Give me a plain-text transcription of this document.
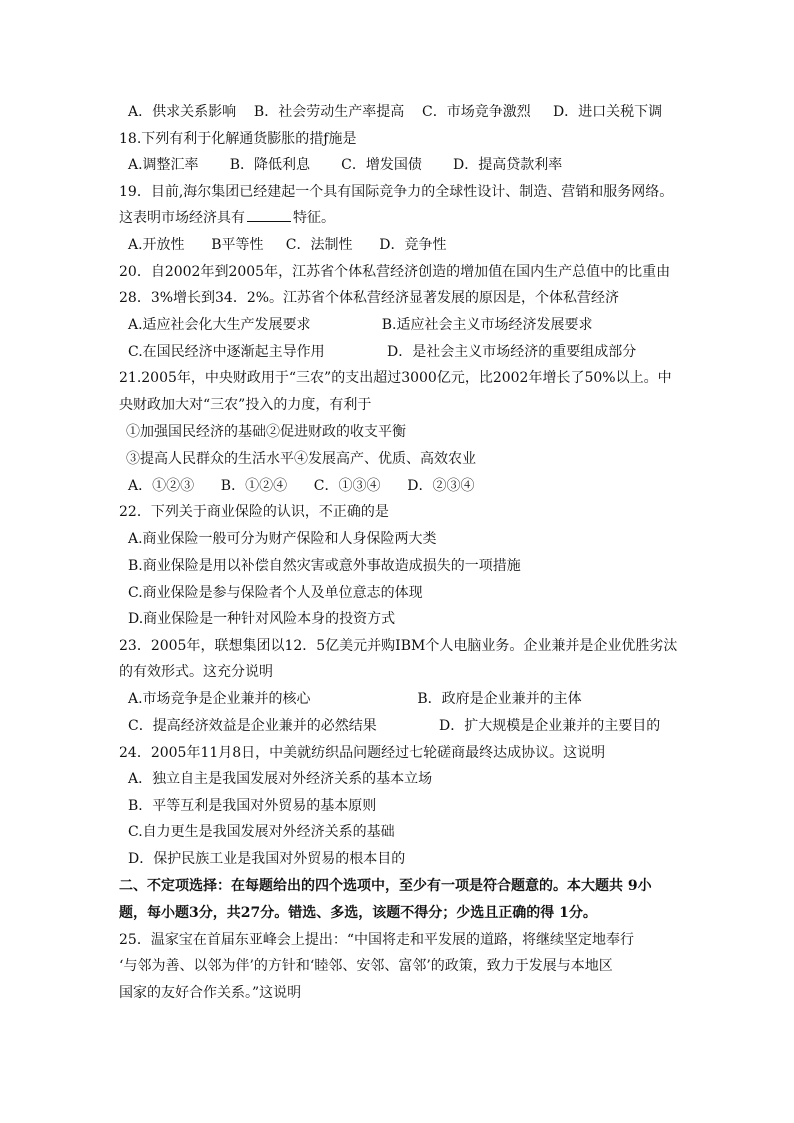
A．供求关系影响    B．社会劳动生产率提高    C．市场竞争激烈     D．进口关税下调
18.下列有利于化解通货膨胀的措ƒ施是
A.调整汇率       B．降低利息       C．增发国债       D．提高贷款利率
19．目前,海尔集团已经建起一个具有国际竞争力的全球性设计、制造、营销和服务网络。
这表明市场经济具有	特征。
A.开放性      B平等性     C．法制性      D．竞争性
20．自2002年到2005年，江苏省个体私营经济创造的增加值在国内生产总值中的比重由
28．3%增长到34．2%。江苏省个体私营经济显著发展的原因是，个体私营经济
A.适应社会化大生产发展要求                B.适应社会主义市场经济发展要求
C.在国民经济中逐渐起主导作用              D．是社会主义市场经济的重要组成部分
21.2005年，中央财政用于“三农”的支出超过3000亿元，比2002年增长了50%以上。中
央财政加大对“三农”投入的力度，有利于
①加强国民经济的基础②促进财政的收支平衡
③提高人民群众的生活水平④发展高产、优质、高效农业
A．①②③      B．①②④      C．①③④      D．②③④
22．下列关于商业保险的认识，不正确的是
A.商业保险一般可分为财产保险和人身保险两大类
B.商业保险是用以补偿自然灾害或意外事故造成损失的一项措施
C.商业保险是参与保险者个人及单位意志的体现
D.商业保险是一种针对风险本身的投资方式
23．2005年，联想集团以12．5亿美元并购IBM个人电脑业务。企业兼并是企业优胜劣汰
的有效形式。这充分说明
A.市场竞争是企业兼并的核心                        B．政府是企业兼并的主体
C．提高经济效益是企业兼并的必然结果              D．扩大规模是企业兼并的主要目的
24．2005年11月8日，中美就纺织品问题经过七轮磋商最终达成协议。这说明
A．独立自主是我国发展对外经济关系的基本立场
B．平等互利是我国对外贸易的基本原则
C.自力更生是我国发展对外经济关系的基础
D．保护民族工业是我国对外贸易的根本目的
二、不定项选择：在每题给出的四个选项中，至少有一项是符合题意的。本大题共 9小
题，每小题3分，共27分。错选、多选，该题不得分；少选且正确的得 1分。
25．温家宝在首届东亚峰会上提出：“中国将走和平发展的道路，将继续坚定地奉行
‘与邻为善、以邻为伴’的方针和‘睦邻、安邻、富邻’的政策，致力于发展与本地区
国家的友好合作关系。”这说明
